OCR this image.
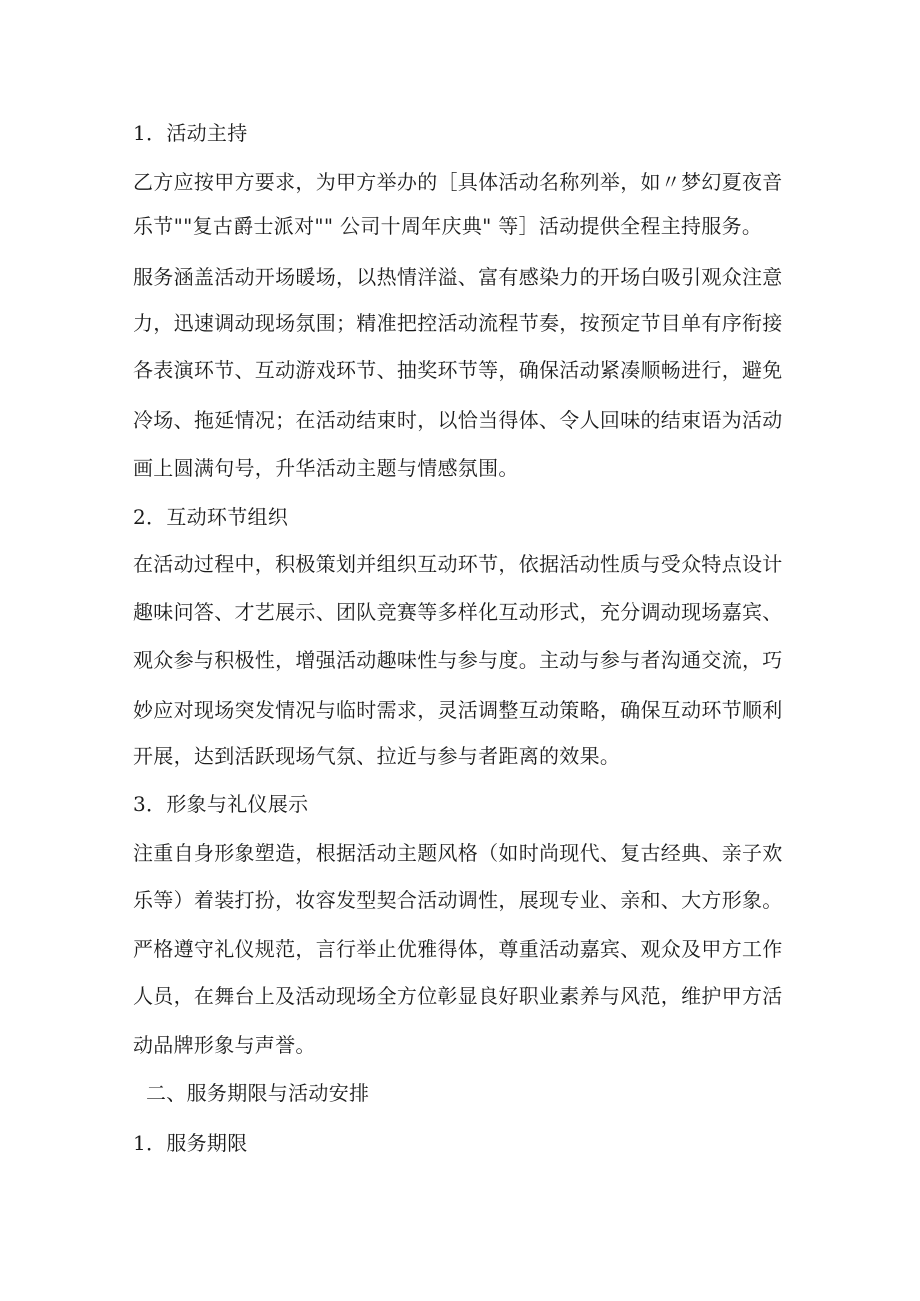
1．活动主持
乙方应按甲方要求，为甲方举办的［具体活动名称列举，如〃梦幻夏夜音
乐节""复古爵士派对"" 公司十周年庆典" 等］活动提供全程主持服务。
服务涵盖活动开场暖场，以热情洋溢、富有感染力的开场白吸引观众注意
力，迅速调动现场氛围；精准把控活动流程节奏，按预定节目单有序衔接
各表演环节、互动游戏环节、抽奖环节等，确保活动紧凑顺畅进行，避免
冷场、拖延情况；在活动结束时，以恰当得体、令人回味的结束语为活动
画上圆满句号，升华活动主题与情感氛围。
2．互动环节组织
在活动过程中，积极策划并组织互动环节，依据活动性质与受众特点设计
趣味问答、才艺展示、团队竞赛等多样化互动形式，充分调动现场嘉宾、
观众参与积极性，增强活动趣味性与参与度。主动与参与者沟通交流，巧
妙应对现场突发情况与临时需求，灵活调整互动策略，确保互动环节顺利
开展，达到活跃现场气氛、拉近与参与者距离的效果。
3．形象与礼仪展示
注重自身形象塑造，根据活动主题风格（如时尚现代、复古经典、亲子欢
乐等）着装打扮，妆容发型契合活动调性，展现专业、亲和、大方形象。
严格遵守礼仪规范，言行举止优雅得体，尊重活动嘉宾、观众及甲方工作
人员，在舞台上及活动现场全方位彰显良好职业素养与风范，维护甲方活
动品牌形象与声誉。
二、服务期限与活动安排
1．服务期限
